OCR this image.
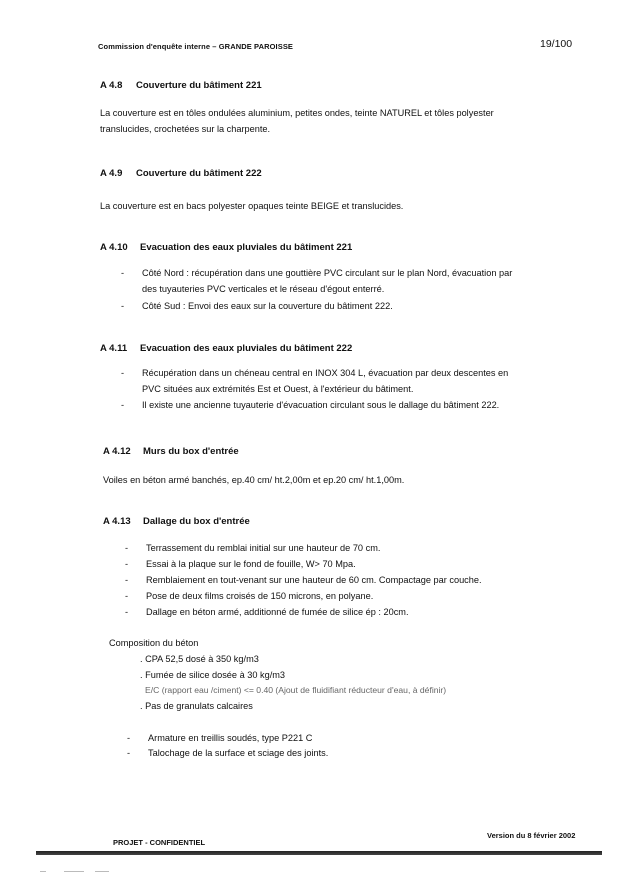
Commission d'enquête interne – GRANDE PAROISSE	19/100
A 4.8 Couverture du bâtiment 221
La couverture est en tôles ondulées aluminium, petites ondes, teinte NATUREL et tôles polyester
translucides, crochetées sur la charpente.
A 4.9 Couverture du bâtiment 222
La couverture est en bacs polyester opaques teinte BEIGE et translucides.
A 4.10 Evacuation des eaux pluviales du bâtiment 221
- Côté Nord : récupération dans une gouttière PVC circulant sur le plan Nord, évacuation par
des tuyauteries PVC verticales et le réseau d'égout enterré.
- Côté Sud : Envoi des eaux sur la couverture du bâtiment 222.
A 4.11 Evacuation des eaux pluviales du bâtiment 222
- Récupération dans un chéneau central en INOX 304 L, évacuation par deux descentes en
PVC situées aux extrémités Est et Ouest, à l'extérieur du bâtiment.
- Il existe une ancienne tuyauterie d'évacuation circulant sous le dallage du bâtiment 222.
A 4.12 Murs du box d'entrée
Voiles en béton armé banchés, ep.40 cm/ ht.2,00m et ep.20 cm/ ht.1,00m.
A 4.13 Dallage du box d'entrée
- Terrassement du remblai initial sur une hauteur de 70 cm.
- Essai à la plaque sur le fond de fouille, W> 70 Mpa.
- Remblaiement en tout-venant sur une hauteur de 60 cm. Compactage par couche.
- Pose de deux films croisés de 150 microns, en polyane.
- Dallage en béton armé, additionné de fumée de silice ép : 20cm.
Composition du béton
. CPA 52,5 dosé à 350 kg/m3
. Fumée de silice dosée à 30 kg/m3
E/C (rapport eau /ciment) <= 0.40 (Ajout de fluidifiant réducteur d'eau, à définir)
. Pas de granulats calcaires
- Armature en treillis soudés, type P221 C
- Talochage de la surface et sciage des joints.
PROJET - CONFIDENTIEL
Version du 8 février 2002
